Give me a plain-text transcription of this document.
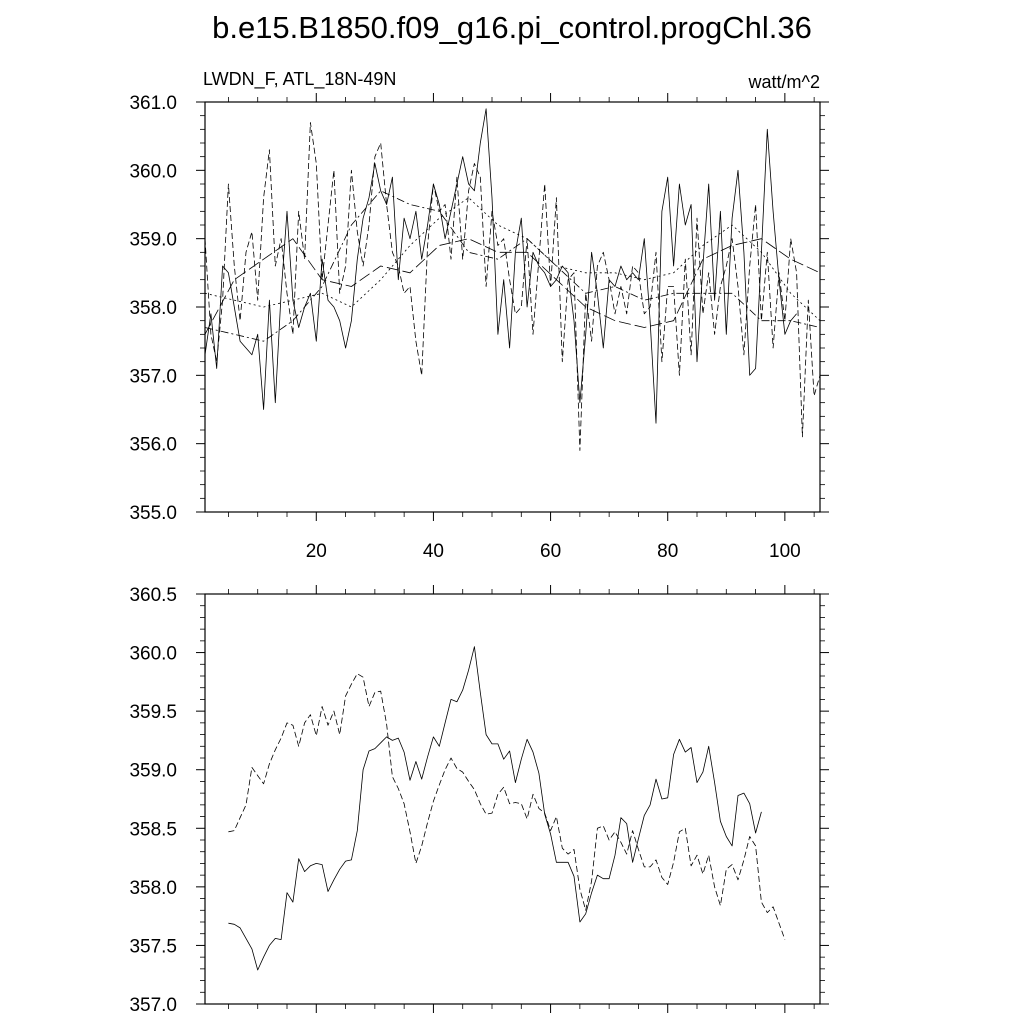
b.e15.B1850.f09_g16.pi_control.progChl.36
LWDN_F, ATL_18N-49N	watt/m^2
355.0
356.0
357.0
358.0
359.0
360.0
361.0
20	40	60	80	100
357.0
357.5
358.0
358.5
359.0
359.5
360.0
360.5
